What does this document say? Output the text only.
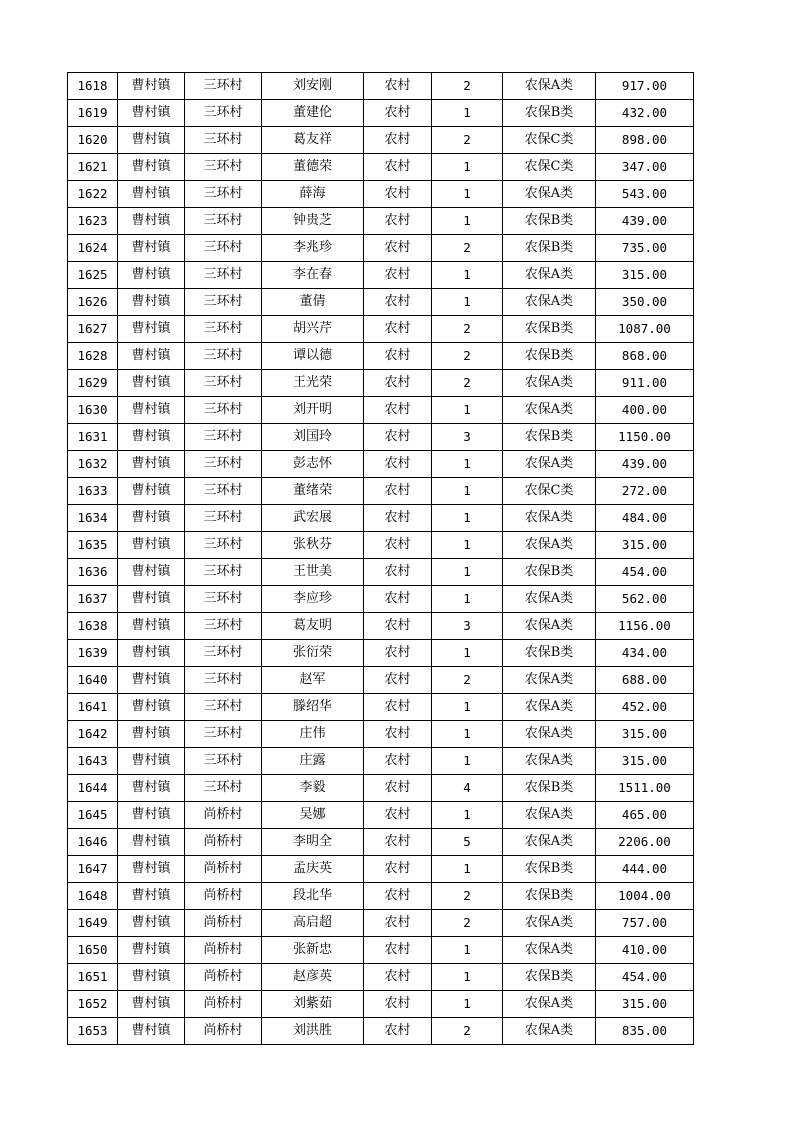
1618	曹村镇	三环村	刘安刚	农村	2	农保A类	917.00
1619	曹村镇	三环村	董建伦	农村	1	农保B类	432.00
1620	曹村镇	三环村	葛友祥	农村	2	农保C类	898.00
1621	曹村镇	三环村	董德荣	农村	1	农保C类	347.00
1622	曹村镇	三环村	薛海	农村	1	农保A类	543.00
1623	曹村镇	三环村	钟贵芝	农村	1	农保B类	439.00
1624	曹村镇	三环村	李兆珍	农村	2	农保B类	735.00
1625	曹村镇	三环村	李在春	农村	1	农保A类	315.00
1626	曹村镇	三环村	董倩	农村	1	农保A类	350.00
1627	曹村镇	三环村	胡兴芹	农村	2	农保B类	1087.00
1628	曹村镇	三环村	谭以德	农村	2	农保B类	868.00
1629	曹村镇	三环村	王光荣	农村	2	农保A类	911.00
1630	曹村镇	三环村	刘开明	农村	1	农保A类	400.00
1631	曹村镇	三环村	刘国玲	农村	3	农保B类	1150.00
1632	曹村镇	三环村	彭志怀	农村	1	农保A类	439.00
1633	曹村镇	三环村	董绪荣	农村	1	农保C类	272.00
1634	曹村镇	三环村	武宏展	农村	1	农保A类	484.00
1635	曹村镇	三环村	张秋芬	农村	1	农保A类	315.00
1636	曹村镇	三环村	王世美	农村	1	农保B类	454.00
1637	曹村镇	三环村	李应珍	农村	1	农保A类	562.00
1638	曹村镇	三环村	葛友明	农村	3	农保A类	1156.00
1639	曹村镇	三环村	张衍荣	农村	1	农保B类	434.00
1640	曹村镇	三环村	赵军	农村	2	农保A类	688.00
1641	曹村镇	三环村	滕绍华	农村	1	农保A类	452.00
1642	曹村镇	三环村	庄伟	农村	1	农保A类	315.00
1643	曹村镇	三环村	庄露	农村	1	农保A类	315.00
1644	曹村镇	三环村	李毅	农村	4	农保B类	1511.00
1645	曹村镇	尚桥村	吴娜	农村	1	农保A类	465.00
1646	曹村镇	尚桥村	李明全	农村	5	农保A类	2206.00
1647	曹村镇	尚桥村	孟庆英	农村	1	农保B类	444.00
1648	曹村镇	尚桥村	段北华	农村	2	农保B类	1004.00
1649	曹村镇	尚桥村	高启超	农村	2	农保A类	757.00
1650	曹村镇	尚桥村	张新忠	农村	1	农保A类	410.00
1651	曹村镇	尚桥村	赵彦英	农村	1	农保B类	454.00
1652	曹村镇	尚桥村	刘紫茹	农村	1	农保A类	315.00
1653	曹村镇	尚桥村	刘洪胜	农村	2	农保A类	835.00
